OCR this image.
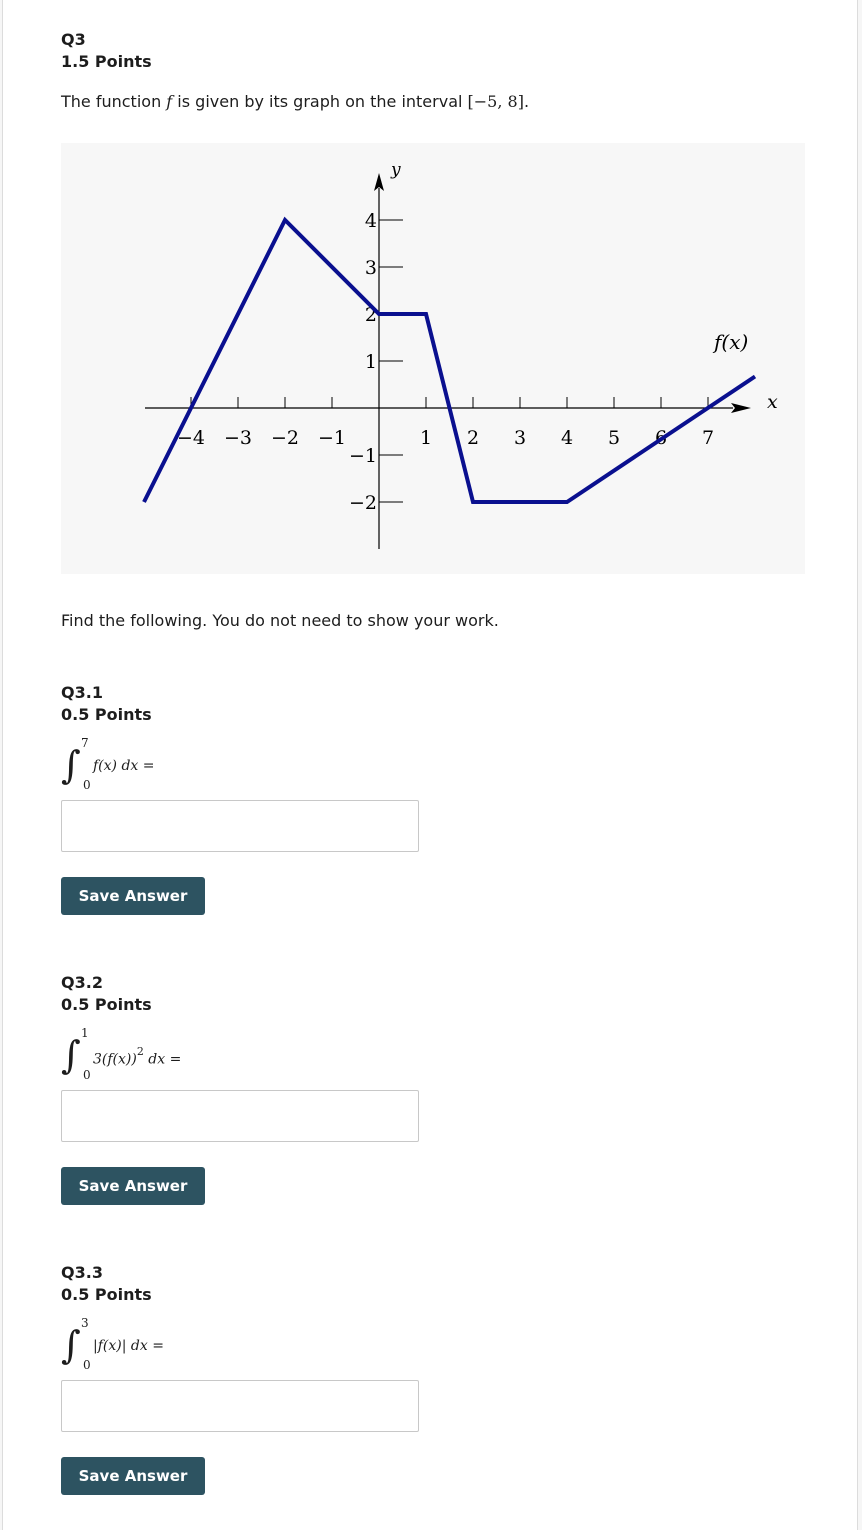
Q3
1.5 Points
The function f is given by its graph on the interval [−5, 8].
y
x
f(x)
−4 −3 −2 −1	1 2 3 4 5 6 7
4
3
2
1
−1
−2
Find the following. You do not need to show your work.
Q3.1
0.5 Points
∫ 7
0
f(x) dx =
Save Answer
Q3.2
0.5 Points
∫ 1
0
$3(f(x))^2$ dx =
Save Answer
Q3.3
0.5 Points
∫ 3
0
|f(x)| dx =
Save Answer
